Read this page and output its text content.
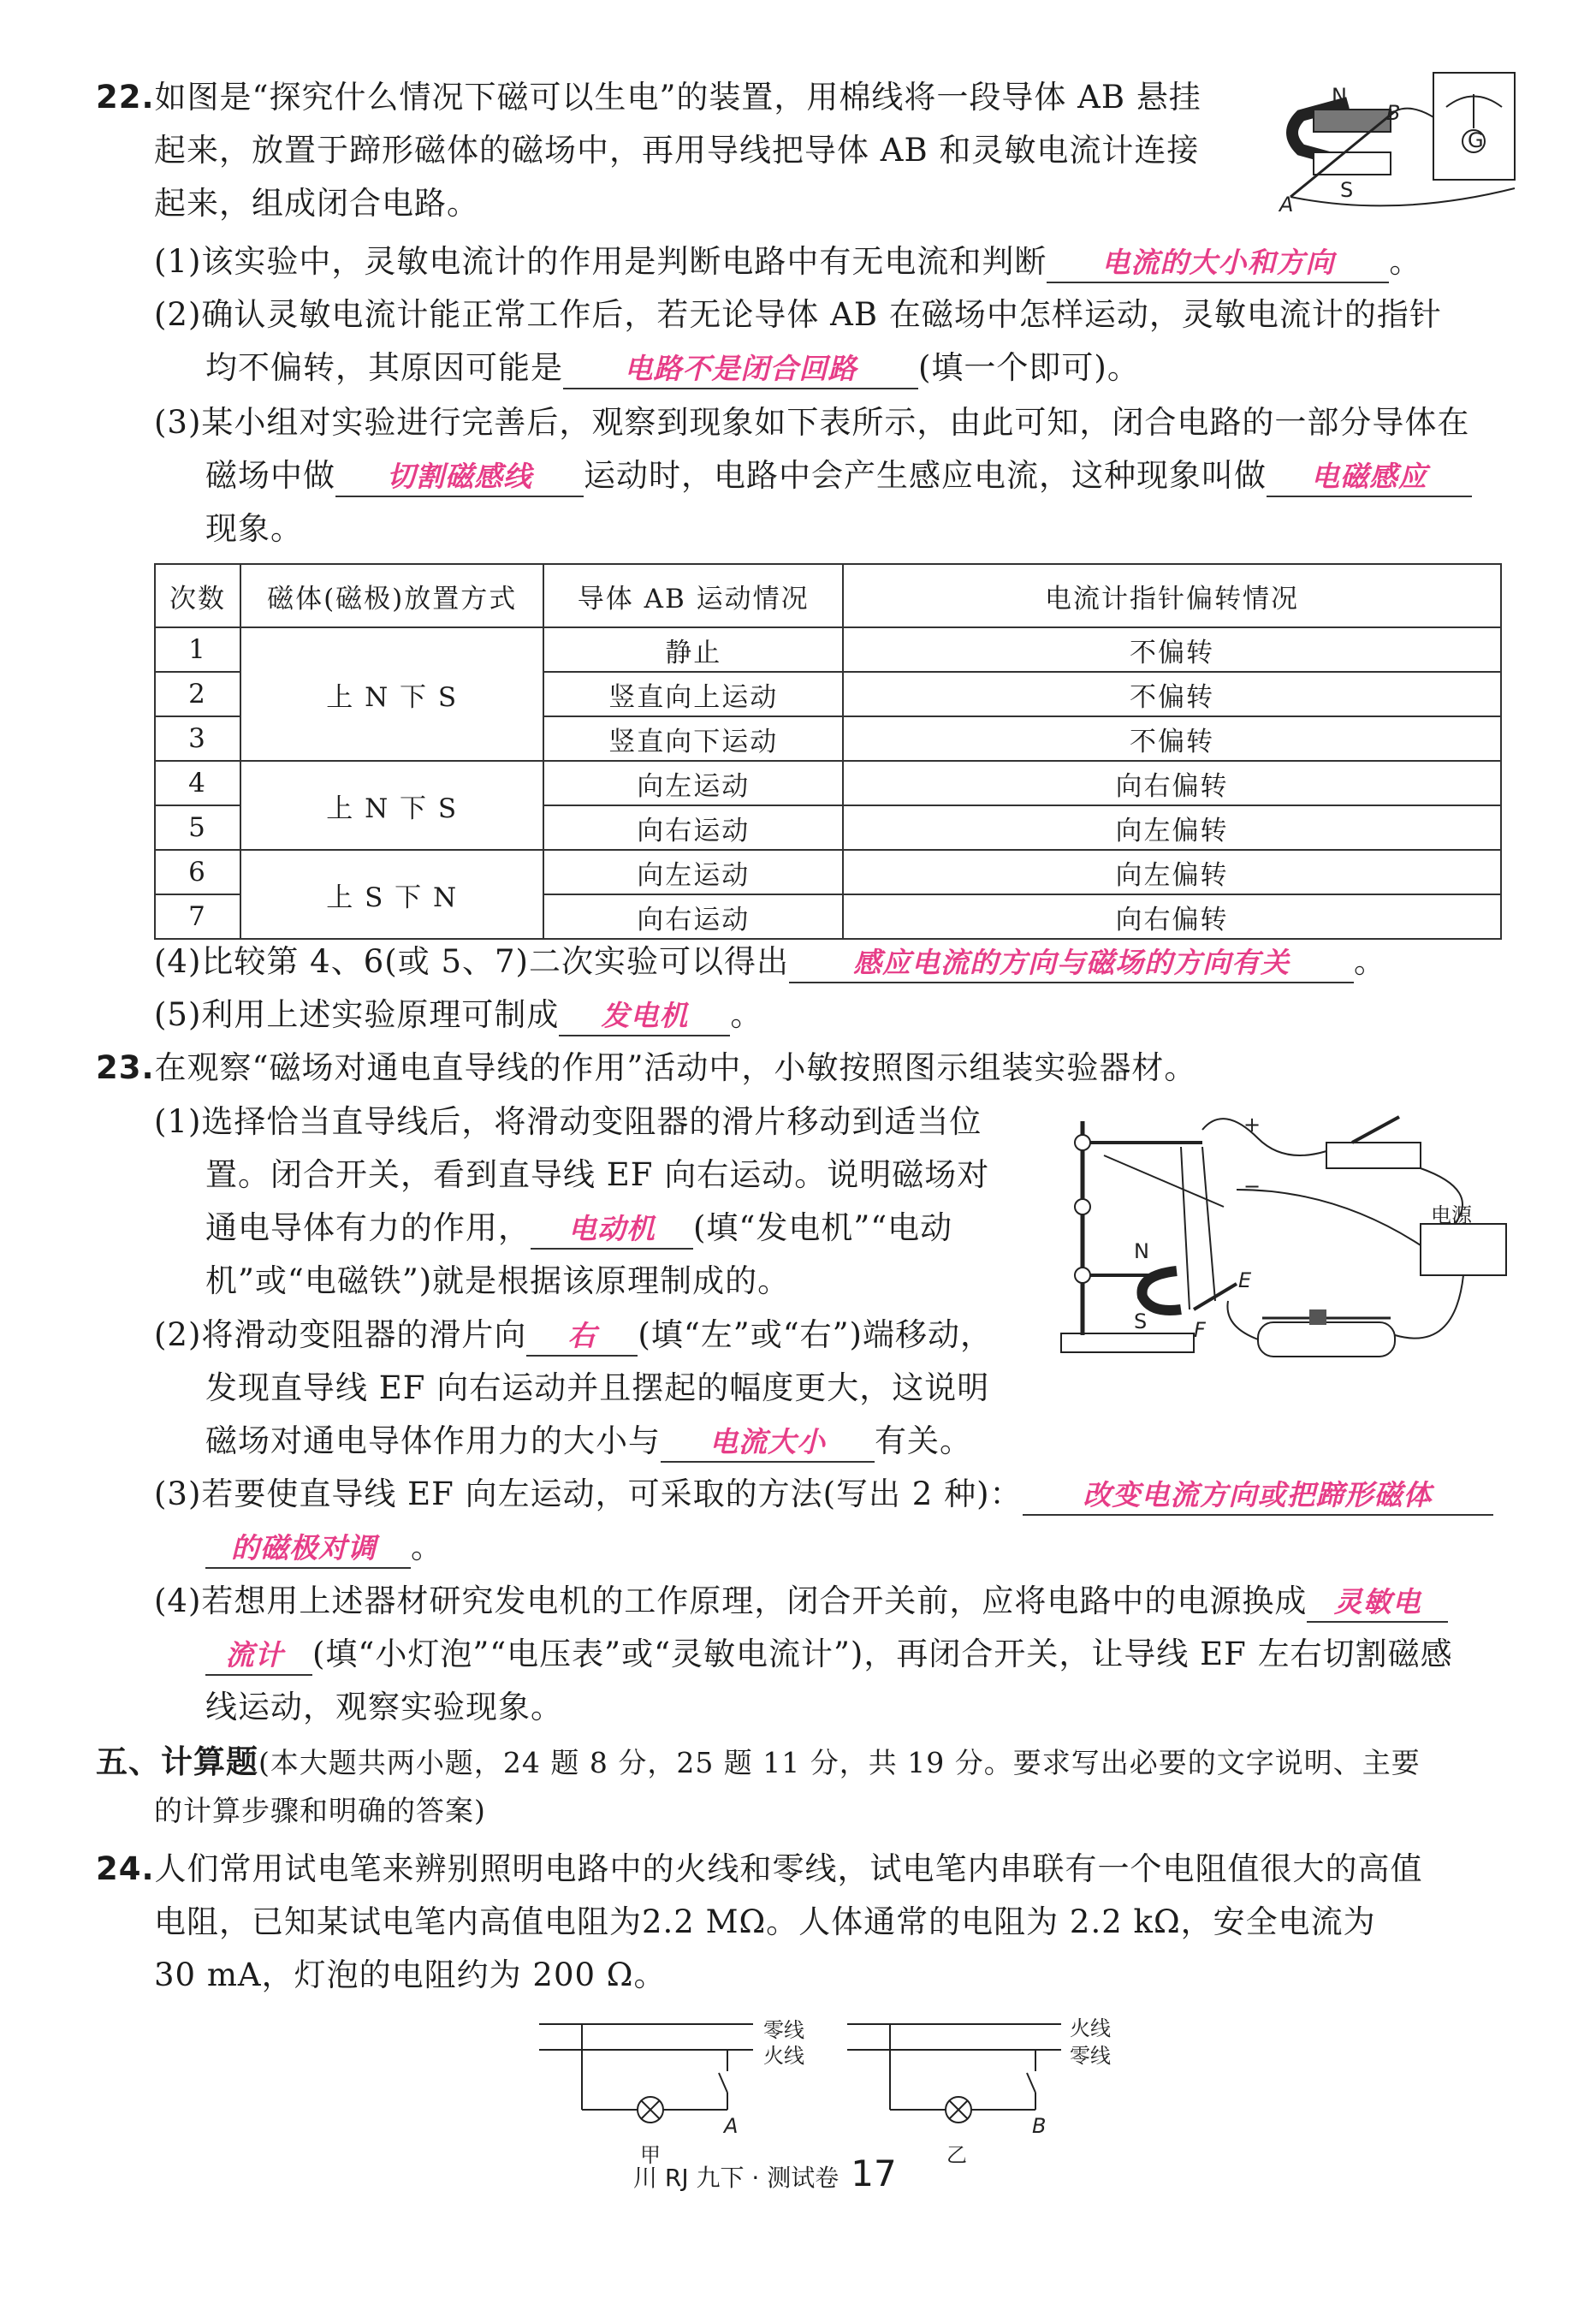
22.如图是“探究什么情况下磁可以生电”的装置，用棉线将一段导体 AB 悬挂
起来，放置于蹄形磁体的磁场中，再用导线把导体 AB 和灵敏电流计连接
起来，组成闭合电路。
N
S
A
B
G
(1)该实验中，灵敏电流计的作用是判断电路中有无电流和判断 电流的大小和方向 。
(2)确认灵敏电流计能正常工作后，若无论导体 AB 在磁场中怎样运动，灵敏电流计的指针
均不偏转，其原因可能是 电路不是闭合回路 (填一个即可)。
(3)某小组对实验进行完善后，观察到现象如下表所示，由此可知，闭合电路的一部分导体在
磁场中做 切割磁感线 运动时，电路中会产生感应电流，这种现象叫做 电磁感应
现象。
次数	磁体(磁极)放置方式	导体 AB 运动情况	电流计指针偏转情况
1	上 N 下 S	静止	不偏转
2		竖直向上运动	不偏转
3		竖直向下运动	不偏转
4	上 N 下 S	向左运动	向右偏转
5		向右运动	向左偏转
6	上 S 下 N	向左运动	向左偏转
7		向右运动	向右偏转
(4)比较第 4、6(或 5、7)二次实验可以得出 感应电流的方向与磁场的方向有关 。
(5)利用上述实验原理可制成 发电机 。
23.在观察“磁场对通电直导线的作用”活动中，小敏按照图示组装实验器材。
(1)选择恰当直导线后，将滑动变阻器的滑片移动到适当位
置。闭合开关，看到直导线 EF 向右运动。说明磁场对
通电导体有力的作用， 电动机 (填“发电机”“电动
机”或“电磁铁”)就是根据该原理制成的。
(2)将滑动变阻器的滑片向 右 (填“左”或“右”)端移动，
发现直导线 EF 向右运动并且摆起的幅度更大，这说明
磁场对通电导体作用力的大小与 电流大小 有关。
+
−
电源
E
F
N
S
(3)若要使直导线 EF 向左运动，可采取的方法(写出 2 种)： 改变电流方向或把蹄形磁体
的磁极对调 。
(4)若想用上述器材研究发电机的工作原理，闭合开关前，应将电路中的电源换成 灵敏电
流计 (填“小灯泡”“电压表”或“灵敏电流计”)，再闭合开关，让导线 EF 左右切割磁感
线运动，观察实验现象。
五、计算题(本大题共两小题，24 题 8 分，25 题 11 分，共 19 分。要求写出必要的文字说明、主要
的计算步骤和明确的答案)
24.人们常用试电笔来辨别照明电路中的火线和零线，试电笔内串联有一个电阻值很大的高值
电阻，已知某试电笔内高值电阻为2.2 MΩ。人体通常的电阻为 2.2 kΩ，安全电流为
30 mA，灯泡的电阻约为 200 Ω。
零线
火线
A
甲
火线
零线
B
乙
川 RJ 九下 · 测试卷 17
